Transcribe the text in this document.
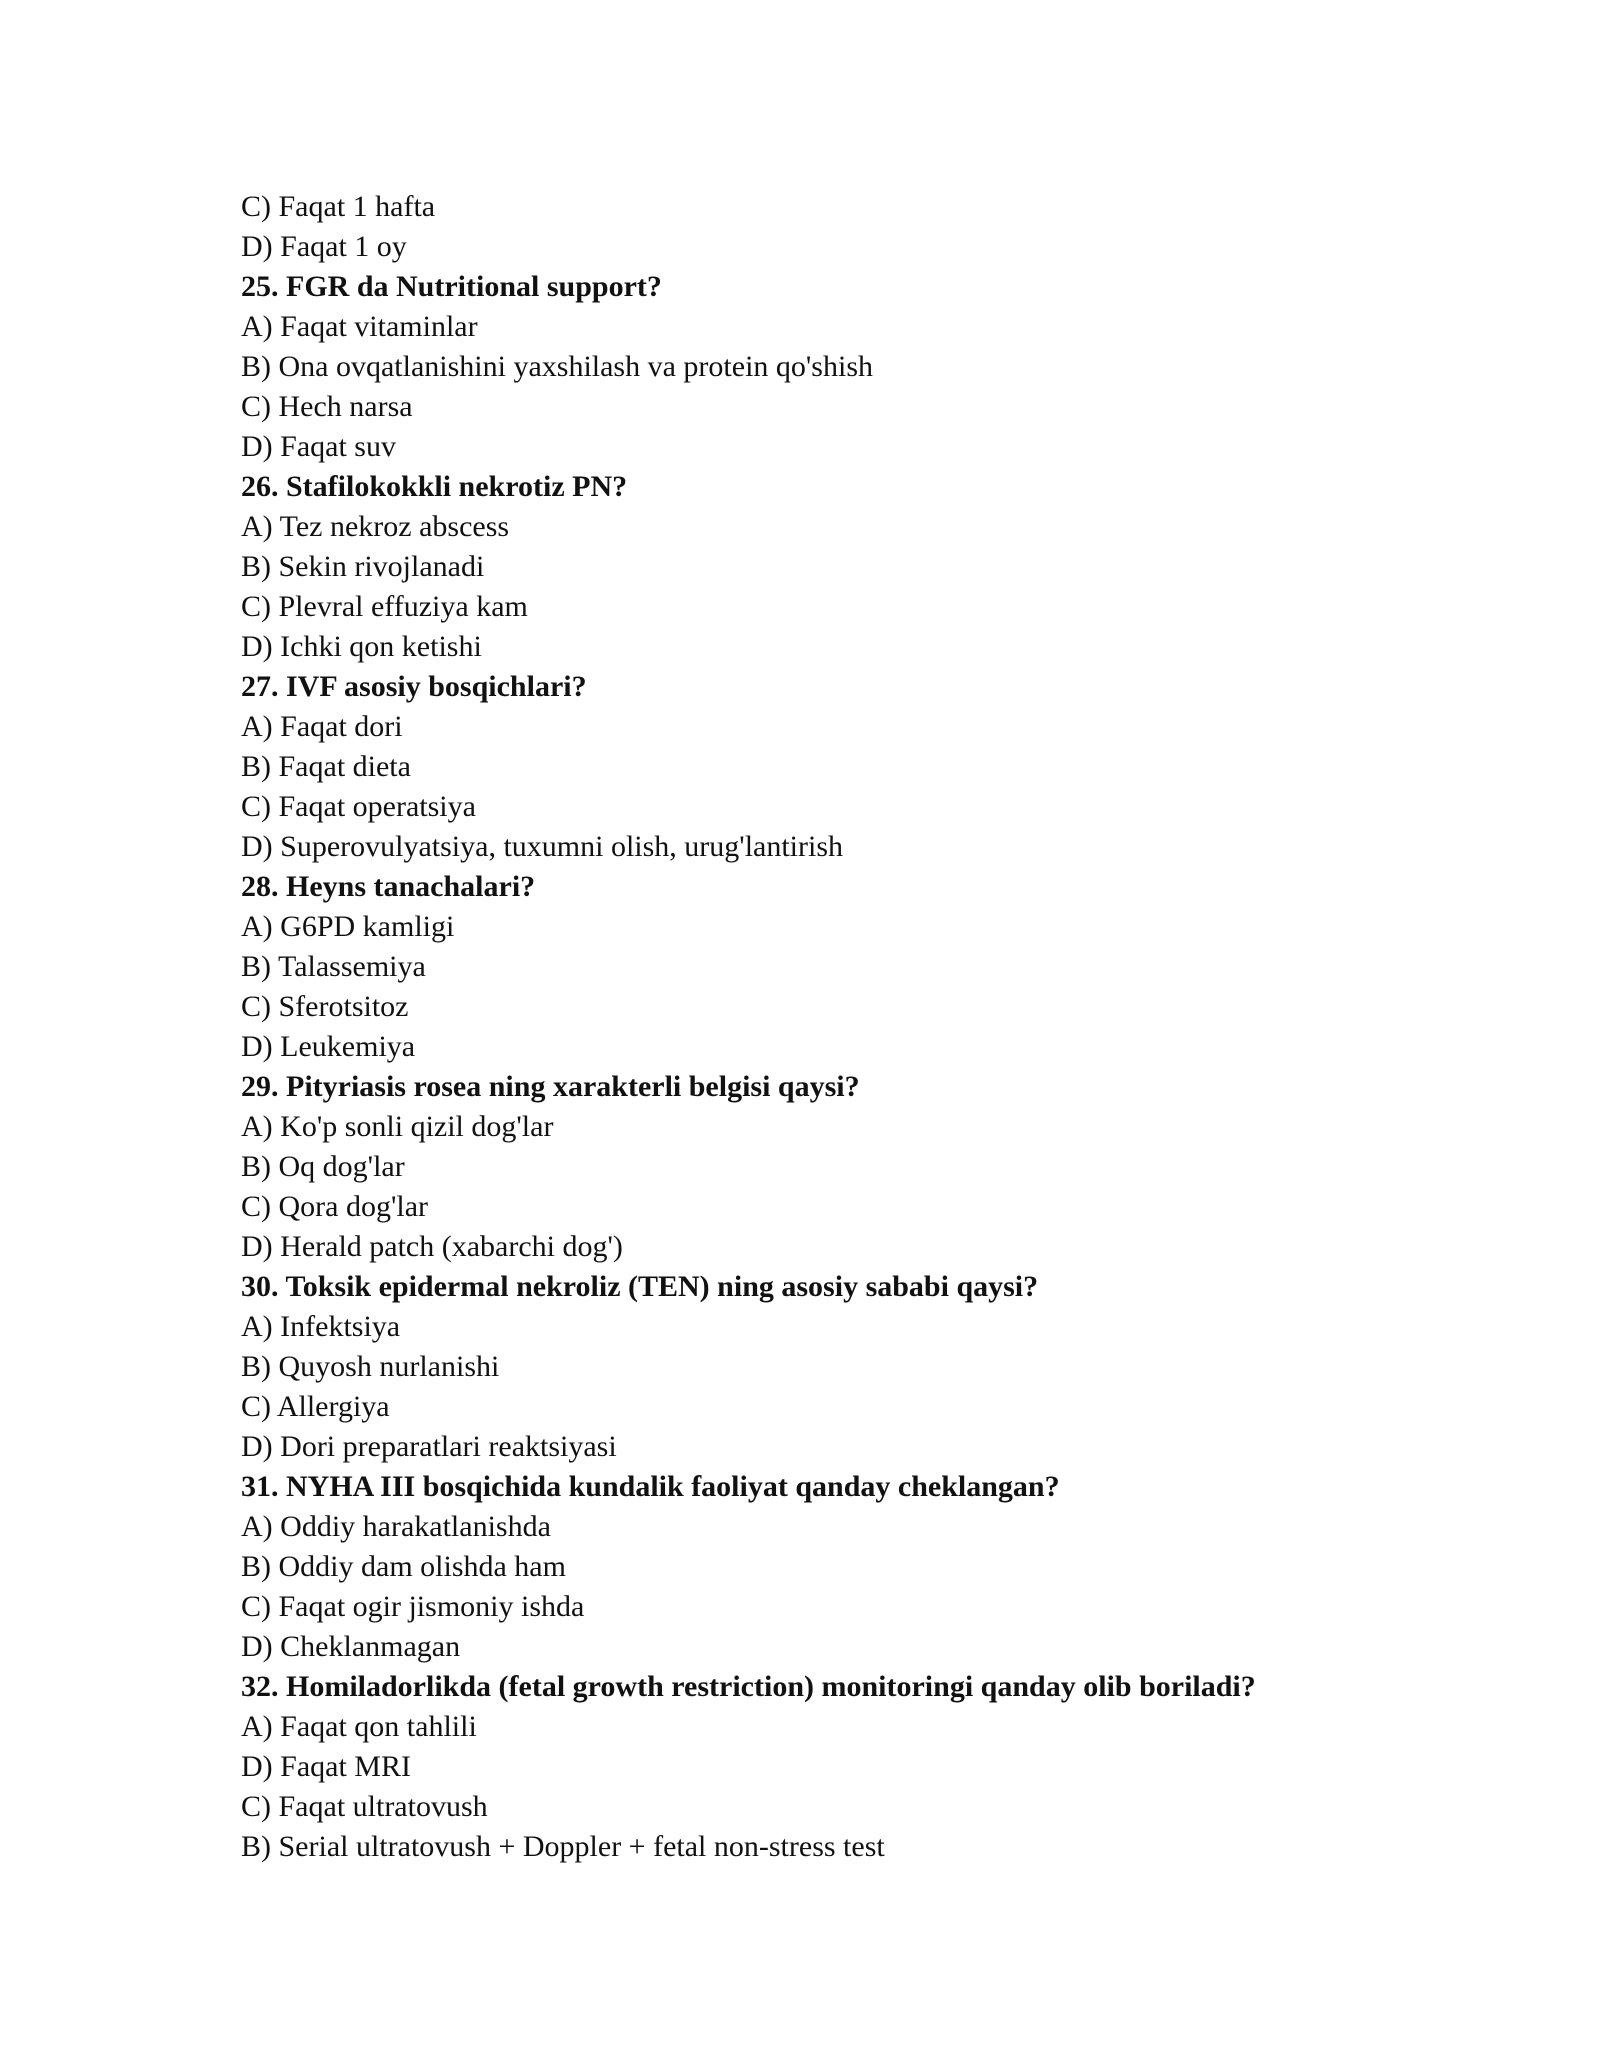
C) Faqat 1 hafta
D) Faqat 1 oy
25. FGR da Nutritional support?
A) Faqat vitaminlar
B) Ona ovqatlanishini yaxshilash va protein qo'shish
C) Hech narsa
D) Faqat suv
26. Stafilokokkli nekrotiz PN?
A) Tez nekroz abscess
B) Sekin rivojlanadi
C) Plevral effuziya kam
D) Ichki qon ketishi
27. IVF asosiy bosqichlari?
A) Faqat dori
B) Faqat dieta
C) Faqat operatsiya
D) Superovulyatsiya, tuxumni olish, urug'lantirish
28. Heyns tanachalari?
A) G6PD kamligi
B) Talassemiya
C) Sferotsitoz
D) Leukemiya
29. Pityriasis rosea ning xarakterli belgisi qaysi?
A) Ko'p sonli qizil dog'lar
B) Oq dog'lar
C) Qora dog'lar
D) Herald patch (xabarchi dog')
30. Toksik epidermal nekroliz (TEN) ning asosiy sababi qaysi?
A) Infektsiya
B) Quyosh nurlanishi
C) Allergiya
D) Dori preparatlari reaktsiyasi
31. NYHA III bosqichida kundalik faoliyat qanday cheklangan?
A) Oddiy harakatlanishda
B) Oddiy dam olishda ham
C) Faqat ogir jismoniy ishda
D) Cheklanmagan
32. Homiladorlikda (fetal growth restriction) monitoringi qanday olib boriladi?
A) Faqat qon tahlili
D) Faqat MRI
C) Faqat ultratovush
B) Serial ultratovush + Doppler + fetal non-stress test
